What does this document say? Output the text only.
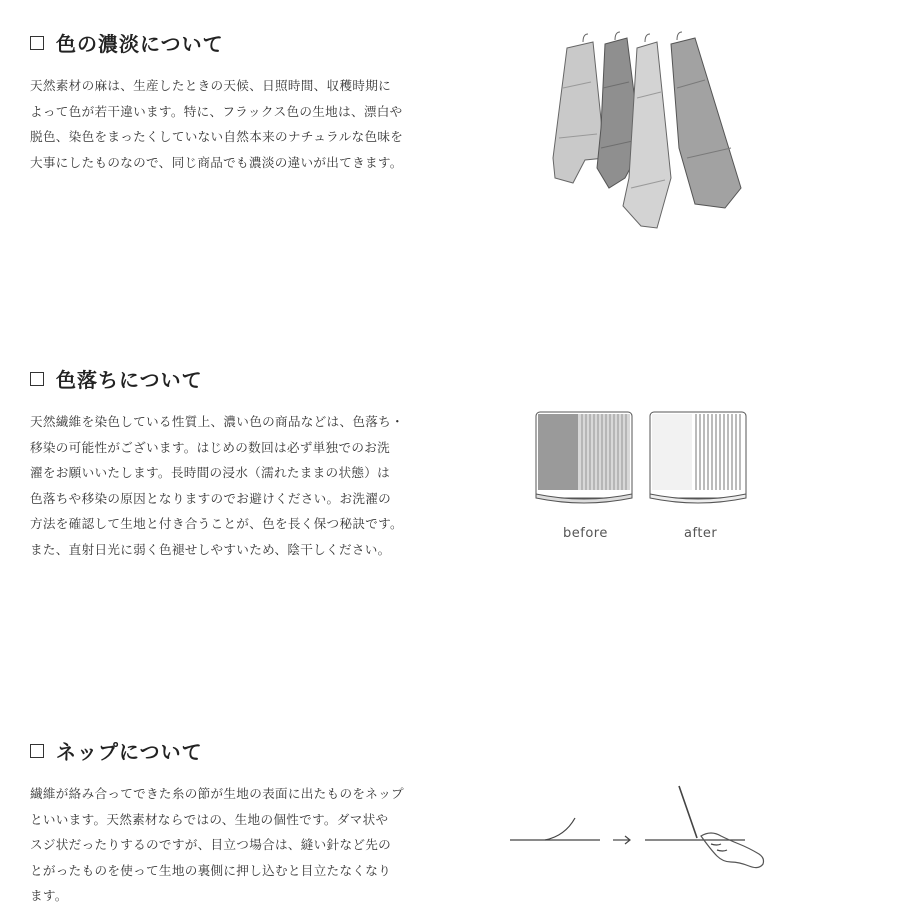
色の濃淡について
天然素材の麻は、生産したときの天候、日照時間、収穫時期に
よって色が若干違います。特に、フラックス色の生地は、漂白や
脱色、染色をまったくしていない自然本来のナチュラルな色味を
大事にしたものなので、同じ商品でも濃淡の違いが出てきます。
色落ちについて
天然繊維を染色している性質上、濃い色の商品などは、色落ち・
移染の可能性がございます。はじめの数回は必ず単独でのお洗
濯をお願いいたします。長時間の浸水（濡れたままの状態）は
色落ちや移染の原因となりますのでお避けください。お洗濯の
方法を確認して生地と付き合うことが、色を長く保つ秘訣です。
また、直射日光に弱く色褪せしやすいため、陰干しください。
before	after
ネップについて
繊維が絡み合ってできた糸の節が生地の表面に出たものをネップ
といいます。天然素材ならではの、生地の個性です。ダマ状や
スジ状だったりするのですが、目立つ場合は、縫い針など先の
とがったものを使って生地の裏側に押し込むと目立たなくなり
ます。
